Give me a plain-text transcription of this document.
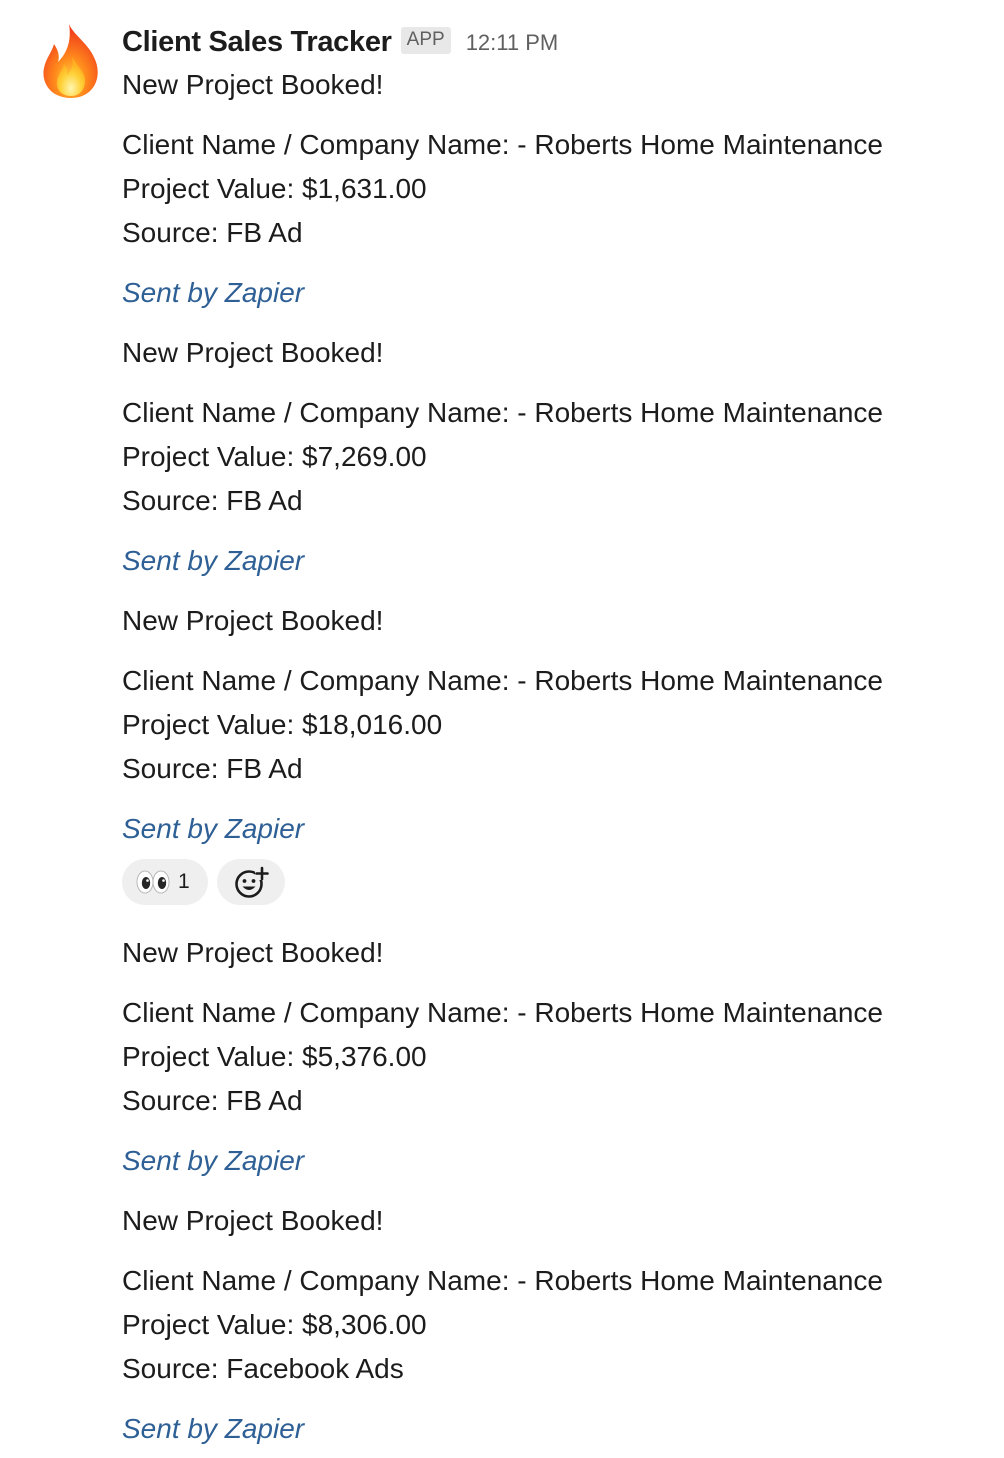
Client Sales Tracker APP 12:11 PM
New Project Booked!
Client Name / Company Name: - Roberts Home Maintenance
Project Value: $1,631.00
Source: FB Ad
Sent by Zapier
New Project Booked!
Client Name / Company Name: - Roberts Home Maintenance
Project Value: $7,269.00
Source: FB Ad
Sent by Zapier
New Project Booked!
Client Name / Company Name: - Roberts Home Maintenance
Project Value: $18,016.00
Source: FB Ad
Sent by Zapier
1
New Project Booked!
Client Name / Company Name: - Roberts Home Maintenance
Project Value: $5,376.00
Source: FB Ad
Sent by Zapier
New Project Booked!
Client Name / Company Name: - Roberts Home Maintenance
Project Value: $8,306.00
Source: Facebook Ads
Sent by Zapier
